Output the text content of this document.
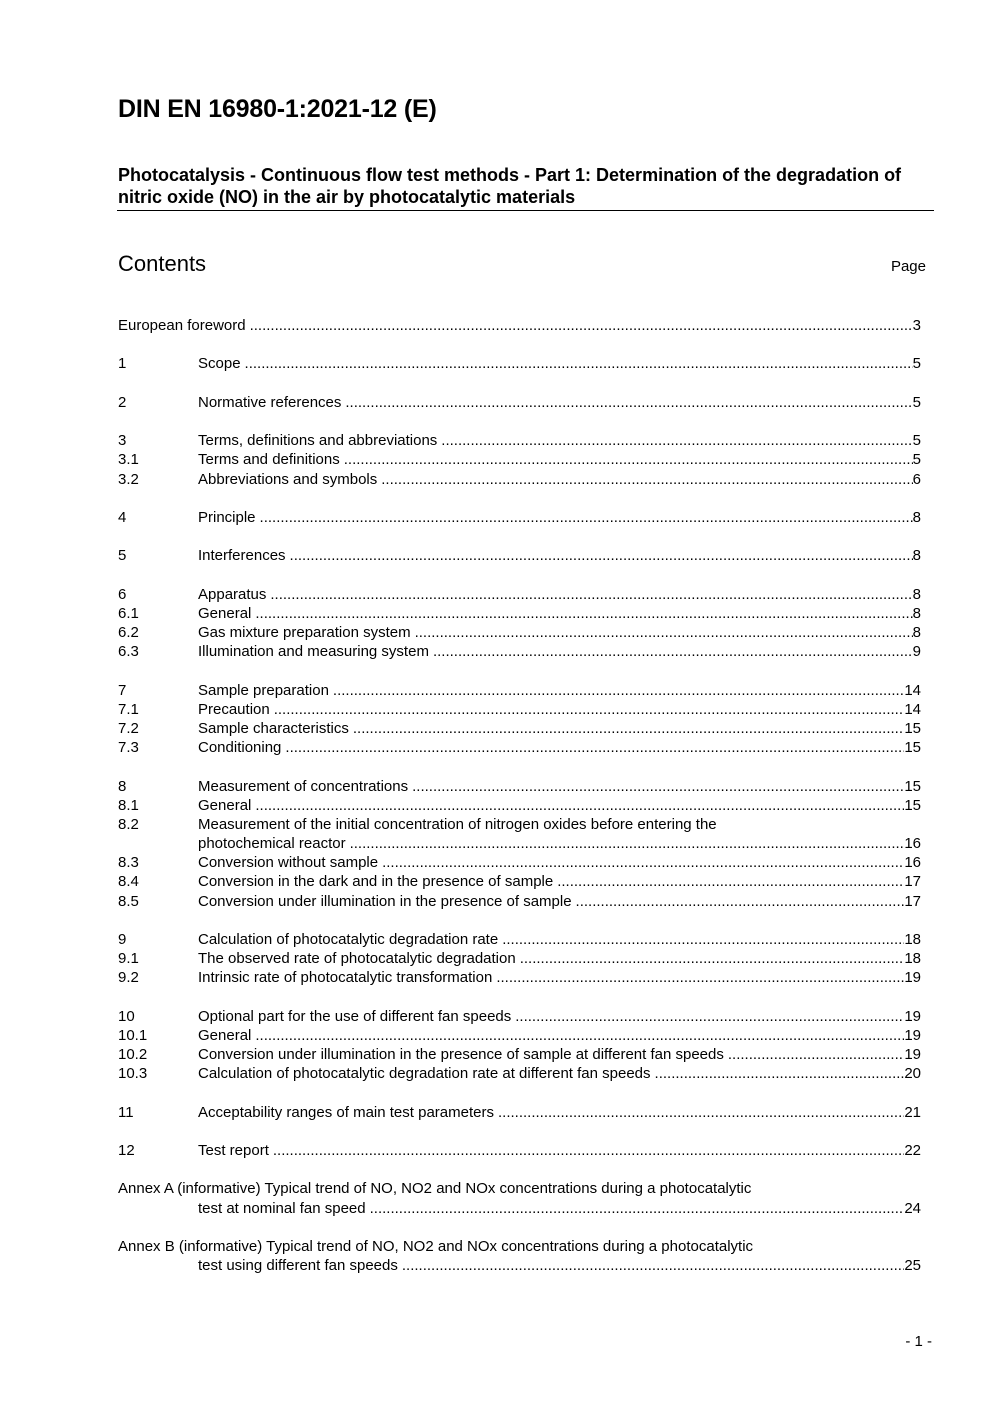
DIN EN 16980-1:2021-12 (E)
Photocatalysis - Continuous flow test methods - Part 1: Determination of the degradation of nitric oxide (NO) in the air by photocatalytic materials
Contents	Page
European foreword .....	3
1	Scope .....	5
2	Normative references .....	5
3	Terms, definitions and abbreviations .....	5
3.1	Terms and definitions .....	5
3.2	Abbreviations and symbols .....	6
4	Principle .....	8
5	Interferences .....	8
6	Apparatus .....	8
6.1	General .....	8
6.2	Gas mixture preparation system .....	8
6.3	Illumination and measuring system .....	9
7	Sample preparation .....	14
7.1	Precaution .....	14
7.2	Sample characteristics .....	15
7.3	Conditioning .....	15
8	Measurement of concentrations .....	15
8.1	General .....	15
8.2	Measurement of the initial concentration of nitrogen oxides before entering the
photochemical reactor .....	16
8.3	Conversion without sample .....	16
8.4	Conversion in the dark and in the presence of sample .....	17
8.5	Conversion under illumination in the presence of sample .....	17
9	Calculation of photocatalytic degradation rate .....	18
9.1	The observed rate of photocatalytic degradation .....	18
9.2	Intrinsic rate of photocatalytic transformation .....	19
10	Optional part for the use of different fan speeds .....	19
10.1	General .....	19
10.2	Conversion under illumination in the presence of sample at different fan speeds .....	19
10.3	Calculation of photocatalytic degradation rate at different fan speeds .....	20
11	Acceptability ranges of main test parameters .....	21
12	Test report .....	22
Annex A (informative) Typical trend of NO, NO2 and NOx concentrations during a photocatalytic
test at nominal fan speed .....	24
Annex B (informative) Typical trend of NO, NO2 and NOx concentrations during a photocatalytic
test using different fan speeds .....	25
- 1 -
